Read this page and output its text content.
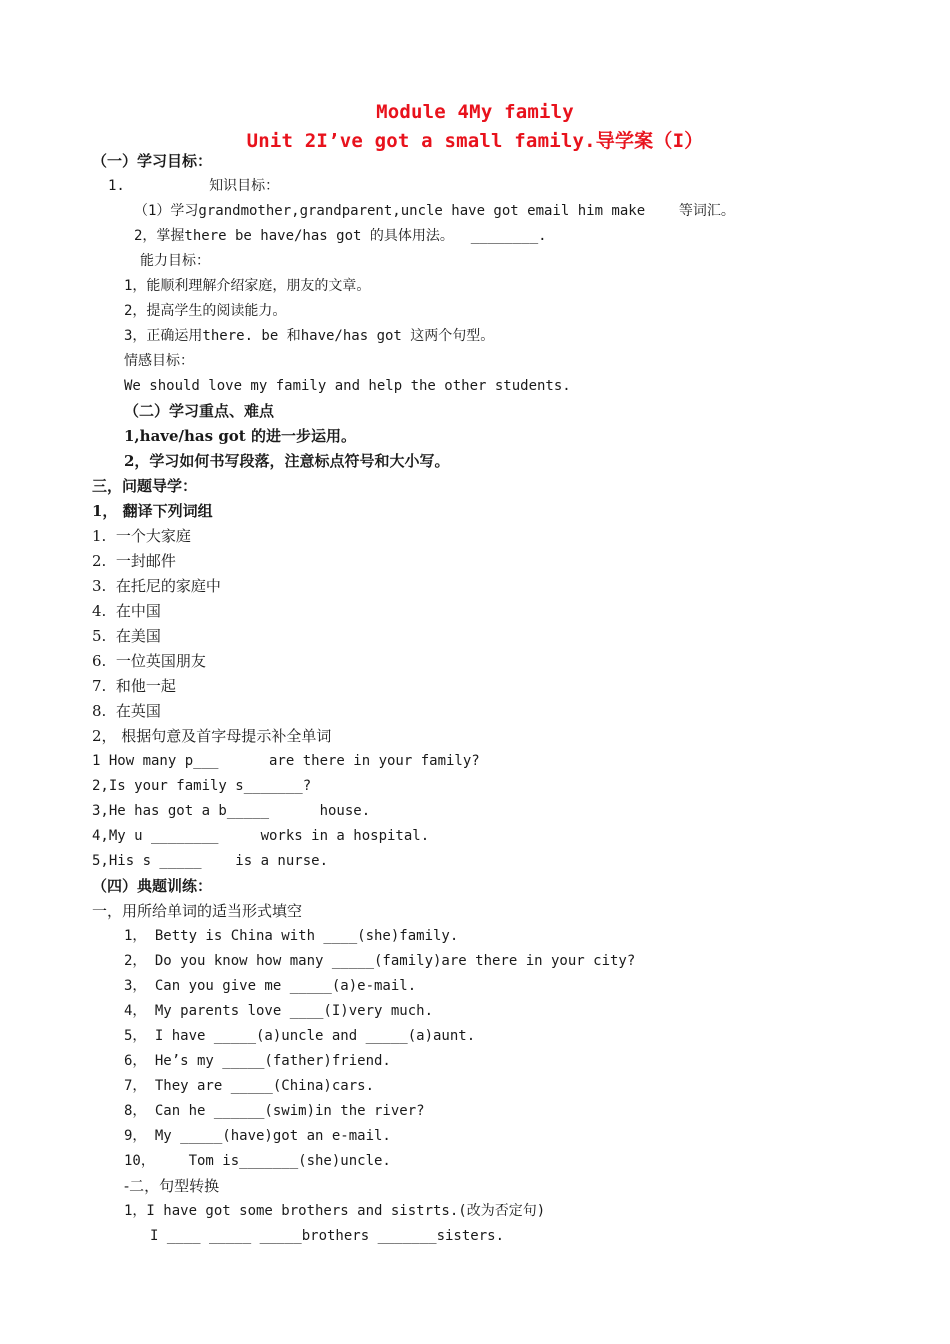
Module 4My family
Unit 2I’ve got a small family.导学案（I）
（一）学习目标：
1.          知识目标：
（1）学习grandmother,grandparent,uncle have got email him make    等词汇。
2，掌握there be have/has got 的具体用法。  ________.
能力目标：
1，能顺利理解介绍家庭，朋友的文章。
2，提高学生的阅读能力。
3，正确运用there. be 和have/has got 这两个句型。
情感目标：
We should love my family and help the other students.
（二）学习重点、难点
1,have/has got 的进一步运用。
2，学习如何书写段落，注意标点符号和大小写。
三，问题导学：
1， 翻译下列词组
1.  一个大家庭
2.  一封邮件
3.  在托尼的家庭中
4.  在中国
5.  在美国
6.  一位英国朋友
7.  和他一起
8.  在英国
2， 根据句意及首字母提示补全单词
1 How many p___      are there in your family?
2,Is your family s_______?
3,He has got a b_____      house.
4,My u ________     works in a hospital.
5,His s _____    is a nurse.
（四）典题训练：
一，用所给单词的适当形式填空
1， Betty is China with ____(she)family.
2， Do you know how many _____(family)are there in your city?
3， Can you give me _____(a)e-mail.
4， My parents love ____(I)very much.
5， I have _____(a)uncle and _____(a)aunt.
6， He’s my _____(father)friend.
7， They are _____(China)cars.
8， Can he ______(swim)in the river?
9， My _____(have)got an e-mail.
10，    Tom is_______(she)uncle.
-二，句型转换
1，I have got some brothers and sistrts.(改为否定句)
I ____ _____ _____brothers _______sisters.
